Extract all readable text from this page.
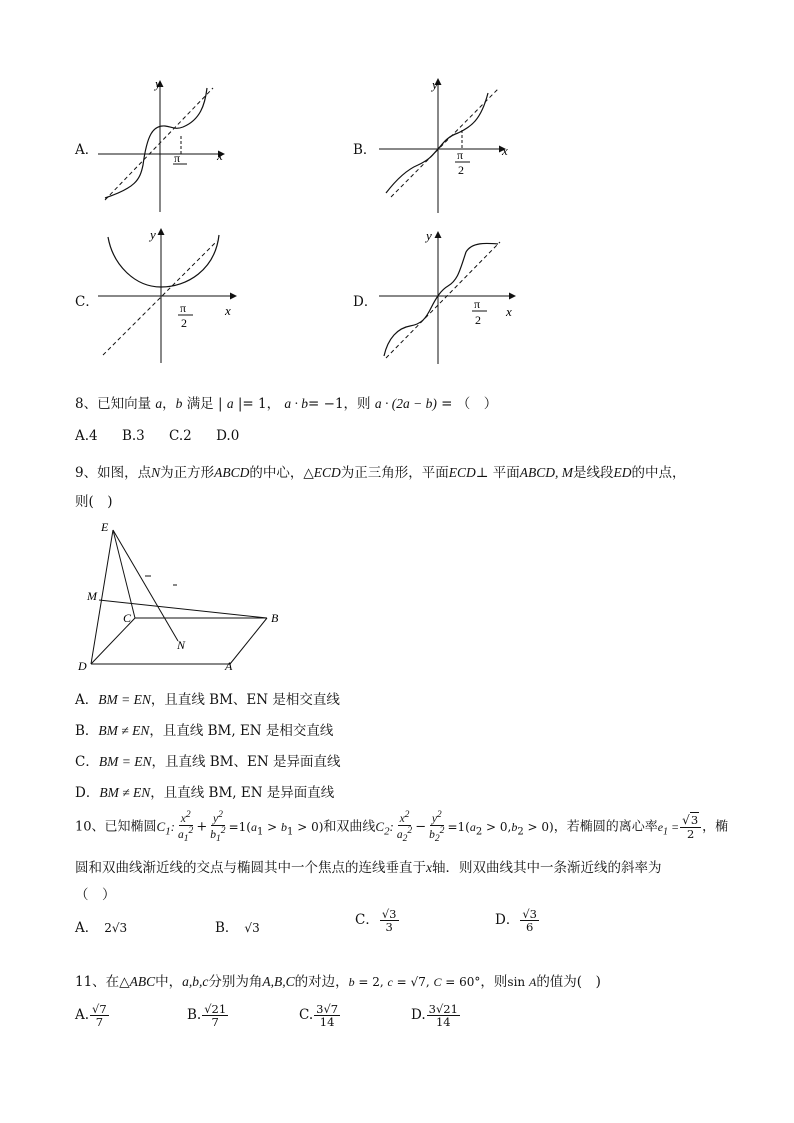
A．
y
x
π	B．
y
x
π
2
C．
y
x
π
2
D．
y
x
π
2
8、已知向量 a，b 满足 | a |= 1， a · b= −1，则 a · (2a − b) = （　）
A.4 B.3 C.2 D.0
9、如图，点N为正方形ABCD的中心，△ECD为正三角形，平面ECD⊥ 平面ABCD, M是线段ED的中点，
则(　)
E
M
C	B
N
D	A
A．BM = EN，且直线 BM、EN 是相交直线
B．BM ≠ EN，且直线 BM, EN 是相交直线
C．BM = EN，且直线 BM、EN 是异面直线
D．BM ≠ EN，且直线 BM, EN 是异面直线
10、已知椭圆$C_1$: $\frac{x^2}{a_1^2} + \frac{y^2}{b_1^2} =1(a_1 > b_1 > 0)$和双曲线$C_2$: $\frac{x^2}{a_2^2} - \frac{y^2}{b_2^2} =1(a_2 > 0,b_2 > 0)$，若椭圆的离心率$e_1 = \frac{√3}{2}$ ，椭
圆和双曲线渐近线的交点与椭圆其中一个焦点的连线垂直于x轴．则双曲线其中一条渐近线的斜率为
（　）
A． 2√3	B． √3	C． $\frac{√3}{3}$	D． $\frac{√3}{6}$
11、在△ABC中，a,b,c分别为角A,B,C的对边，b = 2, c = √7, C = 60°，则sin A的值为(　)
A. $\frac{√7}{7}$	B. $\frac{√21}{7}$	C. $\frac{3√7}{14}$	D. $\frac{3√21}{14}$
